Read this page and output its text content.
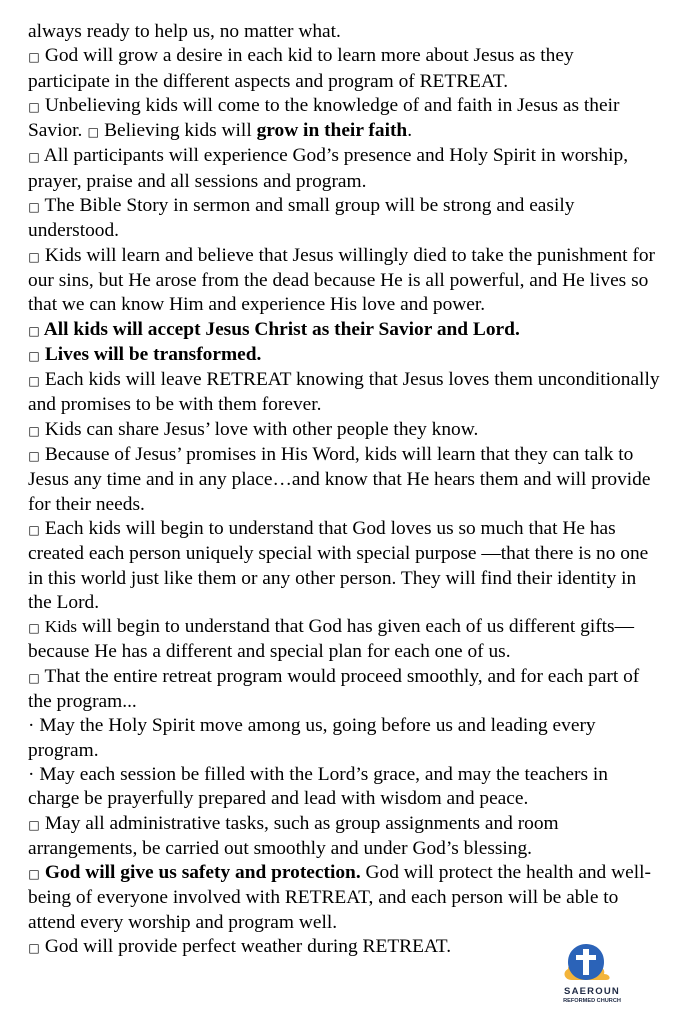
always ready to help us, no matter what.

□ God will grow a desire in each kid to learn more about Jesus as they participate in the different aspects and program of RETREAT.

□ Unbelieving kids will come to the knowledge of and faith in Jesus as their Savior. □ Believing kids will grow in their faith.

□ All participants will experience God’s presence and Holy Spirit in worship, prayer, praise and all sessions and program.

□ The Bible Story in sermon and small group will be strong and easily understood.

□ Kids will learn and believe that Jesus willingly died to take the punishment for our sins, but He arose from the dead because He is all powerful, and He lives so that we can know Him and experience His love and power.

□ All kids will accept Jesus Christ as their Savior and Lord.

□ Lives will be transformed.

□ Each kids will leave RETREAT knowing that Jesus loves them unconditionally and promises to be with them forever.

□ Kids can share Jesus’ love with other people they know.

□ Because of Jesus’ promises in His Word, kids will learn that they can talk to Jesus any time and in any place…and know that He hears them and will provide for their needs.

□ Each kids will begin to understand that God loves us so much that He has created each person uniquely special with special purpose —that there is no one in this world just like them or any other person. They will find their identity in the Lord.

□ Kids will begin to understand that God has given each of us different gifts—because He has a different and special plan for each one of us.

□ That the entire retreat program would proceed smoothly, and for each part of the program...

· May the Holy Spirit move among us, going before us and leading every program.

· May each session be filled with the Lord’s grace, and may the teachers in charge be prayerfully prepared and lead with wisdom and peace.

□ May all administrative tasks, such as group assignments and room arrangements, be carried out smoothly and under God’s blessing.

□ God will give us safety and protection. God will protect the health and well- being of everyone involved with RETREAT, and each person will be able to attend every worship and program well.

□ God will provide perfect weather during RETREAT.

SAEROUN
REFORMED CHURCH
